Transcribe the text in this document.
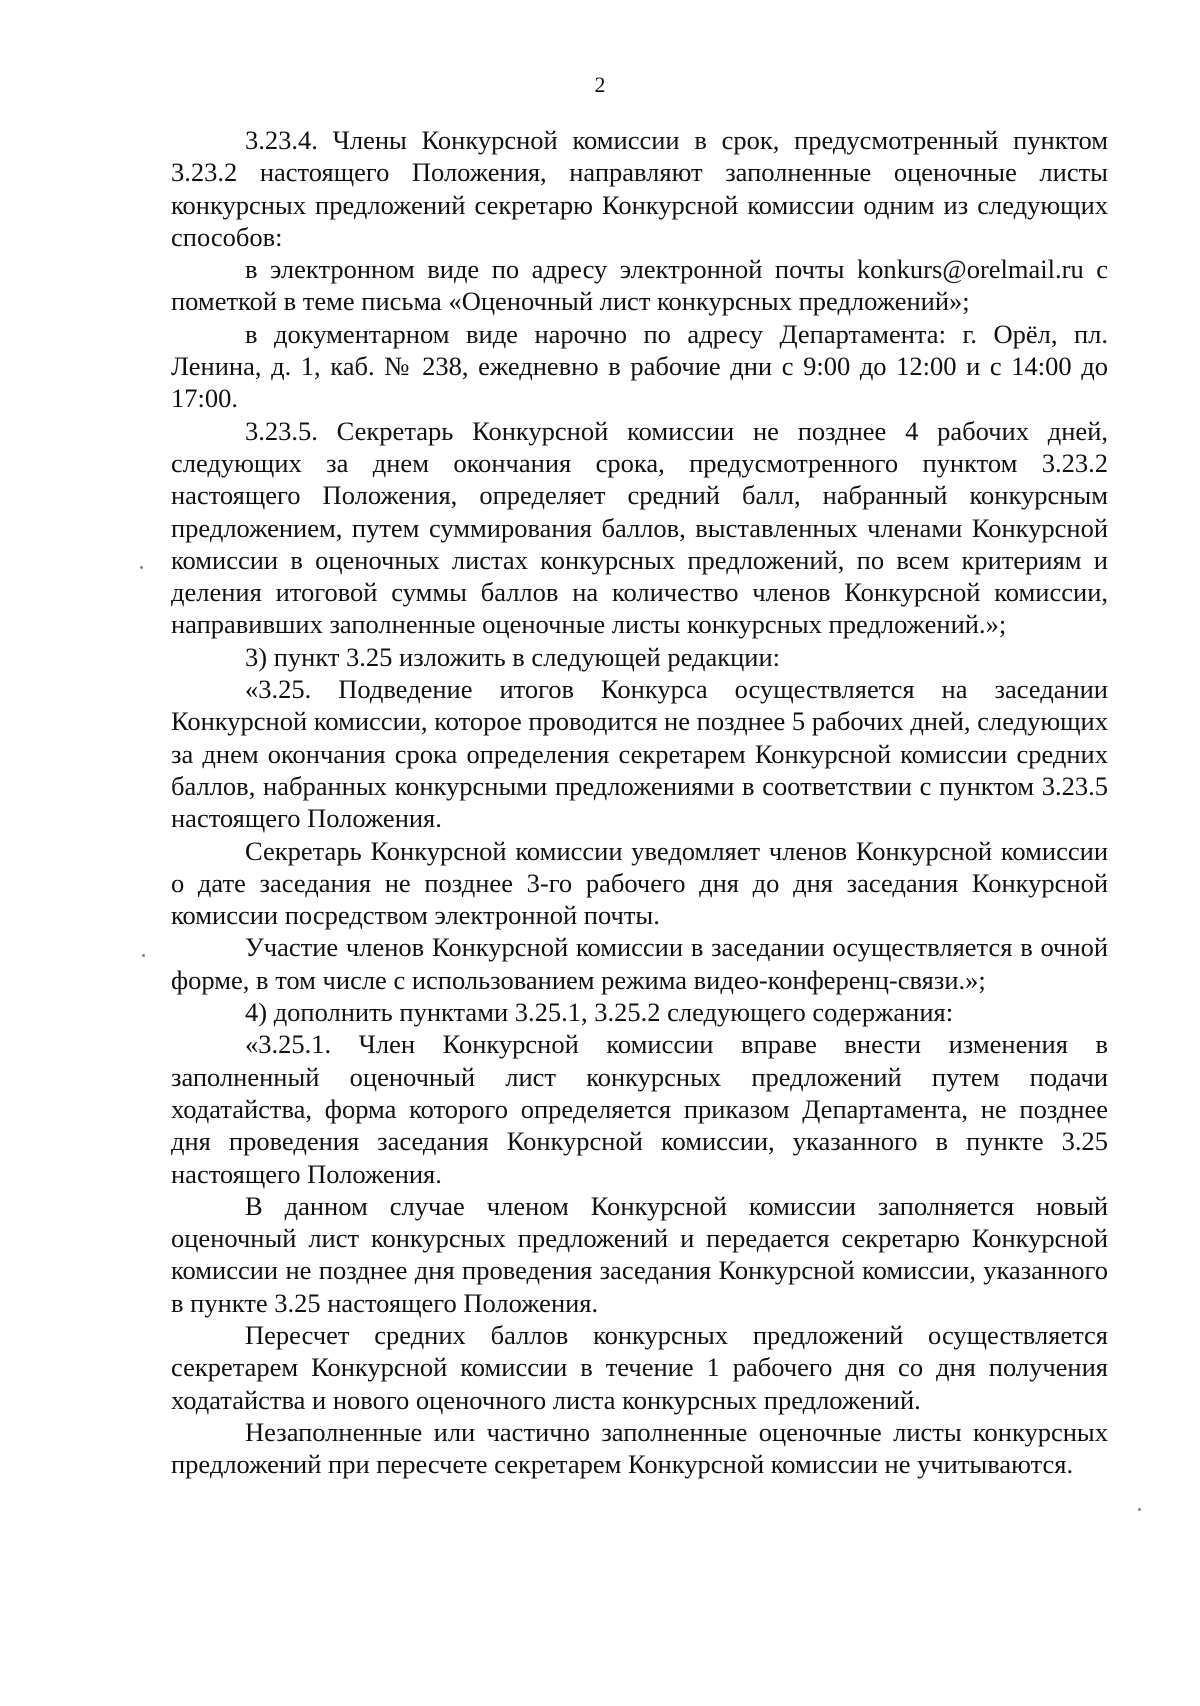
2

3.23.4. Члены Конкурсной комиссии в срок, предусмотренный пунктом 3.23.2 настоящего Положения, направляют заполненные оценочные листы конкурсных предложений секретарю Конкурсной комиссии одним из следующих способов:

в электронном виде по адресу электронной почты konkurs@orelmail.ru с пометкой в теме письма «Оценочный лист конкурсных предложений»;

в документарном виде нарочно по адресу Департамента: г. Орёл, пл. Ленина, д. 1, каб. № 238, ежедневно в рабочие дни с 9:00 до 12:00 и с 14:00 до 17:00.

3.23.5. Секретарь Конкурсной комиссии не позднее 4 рабочих дней, следующих за днем окончания срока, предусмотренного пунктом 3.23.2 настоящего Положения, определяет средний балл, набранный конкурсным предложением, путем суммирования баллов, выставленных членами Конкурсной комиссии в оценочных листах конкурсных предложений, по всем критериям и деления итоговой суммы баллов на количество членов Конкурсной комиссии, направивших заполненные оценочные листы конкурсных предложений.»;

3) пункт 3.25 изложить в следующей редакции:

«3.25. Подведение итогов Конкурса осуществляется на заседании Конкурсной комиссии, которое проводится не позднее 5 рабочих дней, следующих за днем окончания срока определения секретарем Конкурсной комиссии средних баллов, набранных конкурсными предложениями в соответствии с пунктом 3.23.5 настоящего Положения.

Секретарь Конкурсной комиссии уведомляет членов Конкурсной комиссии о дате заседания не позднее 3-го рабочего дня до дня заседания Конкурсной комиссии посредством электронной почты.

Участие членов Конкурсной комиссии в заседании осуществляется в очной форме, в том числе с использованием режима видео-конференц-связи.»;

4) дополнить пунктами 3.25.1, 3.25.2 следующего содержания:

«3.25.1. Член Конкурсной комиссии вправе внести изменения в заполненный оценочный лист конкурсных предложений путем подачи ходатайства, форма которого определяется приказом Департамента, не позднее дня проведения заседания Конкурсной комиссии, указанного в пункте 3.25 настоящего Положения.

В данном случае членом Конкурсной комиссии заполняется новый оценочный лист конкурсных предложений и передается секретарю Конкурсной комиссии не позднее дня проведения заседания Конкурсной комиссии, указанного в пункте 3.25 настоящего Положения.

Пересчет средних баллов конкурсных предложений осуществляется секретарем Конкурсной комиссии в течение 1 рабочего дня со дня получения ходатайства и нового оценочного листа конкурсных предложений.

Незаполненные или частично заполненные оценочные листы конкурсных предложений при пересчете секретарем Конкурсной комиссии не учитываются.
